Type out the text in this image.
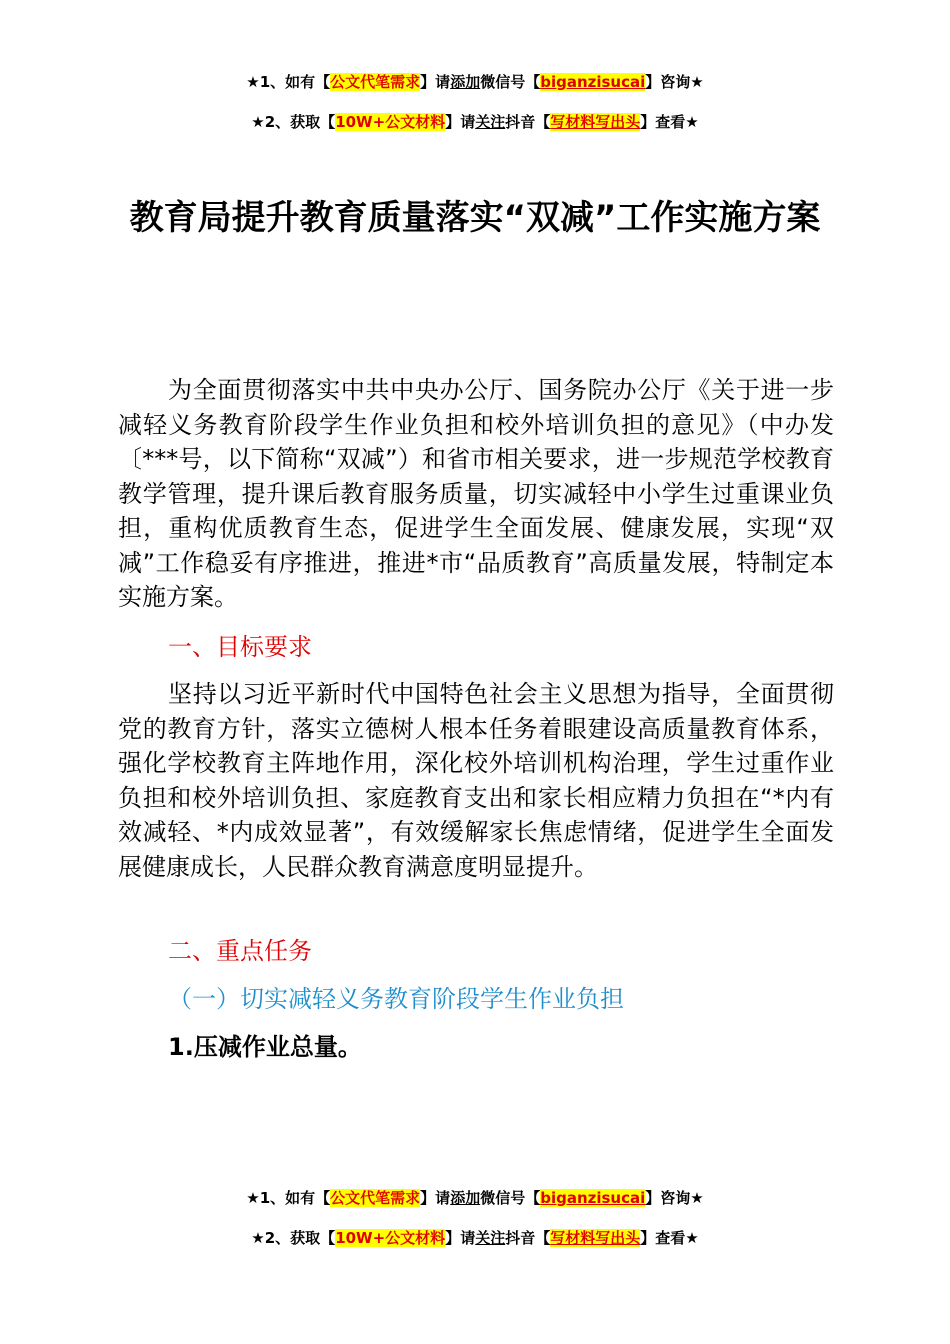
★1、如有【公文代笔需求】请添加微信号【biganzisucai】咨询★
★2、获取【10W+公文材料】请关注抖音【写材料写出头】查看★
教育局提升教育质量落实“双减”工作实施方案

为全面贯彻落实中共中央办公厅、国务院办公厅《关于进一步减轻义务教育阶段学生作业负担和校外培训负担的意见》（中办发〔***号，以下简称“双减”）和省市相关要求，进一步规范学校教育教学管理，提升课后教育服务质量，切实减轻中小学生过重课业负担，重构优质教育生态，促进学生全面发展、健康发展，实现“双减”工作稳妥有序推进，推进*市“品质教育”高质量发展，特制定本实施方案。

一、目标要求

坚持以习近平新时代中国特色社会主义思想为指导，全面贯彻党的教育方针，落实立德树人根本任务着眼建设高质量教育体系，强化学校教育主阵地作用，深化校外培训机构治理，学生过重作业负担和校外培训负担、家庭教育支出和家长相应精力负担在“*内有效减轻、*内成效显著”，有效缓解家长焦虑情绪，促进学生全面发展健康成长，人民群众教育满意度明显提升。

二、重点任务
（一）切实减轻义务教育阶段学生作业负担
1.压减作业总量。
★1、如有【公文代笔需求】请添加微信号【biganzisucai】咨询★
★2、获取【10W+公文材料】请关注抖音【写材料写出头】查看★
